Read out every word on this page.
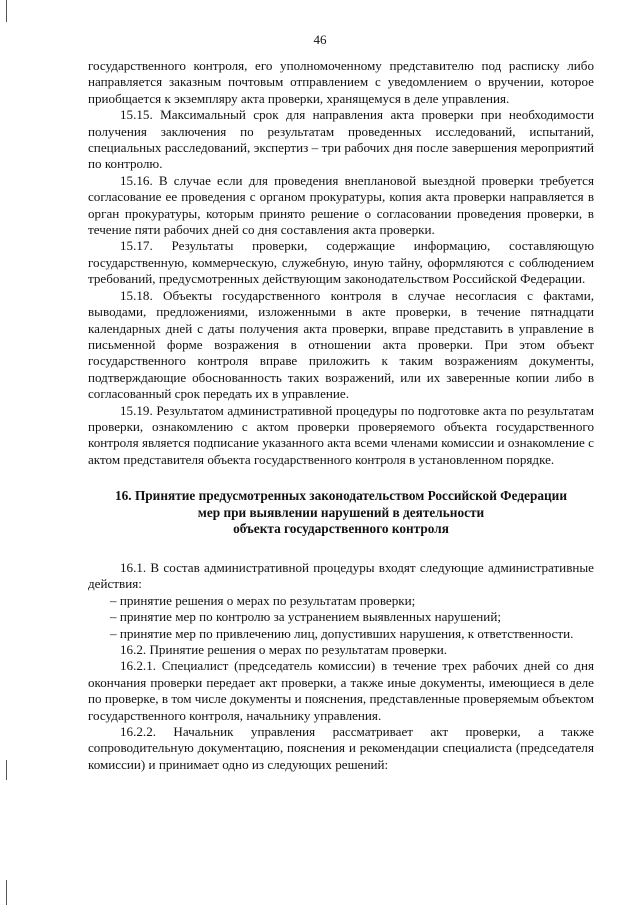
46

государственного контроля, его уполномоченному представителю под расписку либо направляется заказным почтовым отправлением с уведомлением о вручении, которое приобщается к экземпляру акта проверки, хранящемуся в деле управления.

15.15. Максимальный срок для направления акта проверки при необходимости получения заключения по результатам проведенных исследований, испытаний, специальных расследований, экспертиз – три рабочих дня после завершения мероприятий по контролю.

15.16. В случае если для проведения внеплановой выездной проверки требуется согласование ее проведения с органом прокуратуры, копия акта проверки направляется в орган прокуратуры, которым принято решение о согласовании проведения проверки, в течение пяти рабочих дней со дня составления акта проверки.

15.17. Результаты проверки, содержащие информацию, составляющую государственную, коммерческую, служебную, иную тайну, оформляются с соблюдением требований, предусмотренных действующим законодательством Российской Федерации.

15.18. Объекты государственного контроля в случае несогласия с фактами, выводами, предложениями, изложенными в акте проверки, в течение пятнадцати календарных дней с даты получения акта проверки, вправе представить в управление в письменной форме возражения в отношении акта проверки. При этом объект государственного контроля вправе приложить к таким возражениям документы, подтверждающие обоснованность таких возражений, или их заверенные копии либо в согласованный срок передать их в управление.

15.19. Результатом административной процедуры по подготовке акта по результатам проверки, ознакомлению с актом проверки проверяемого объекта государственного контроля является подписание указанного акта всеми членами комиссии и ознакомление с актом представителя объекта государственного контроля в установленном порядке.

16. Принятие предусмотренных законодательством Российской Федерации
мер при выявлении нарушений в деятельности
объекта государственного контроля

16.1. В состав административной процедуры входят следующие административные действия:

– принятие решения о мерах по результатам проверки;

– принятие мер по контролю за устранением выявленных нарушений;

– принятие мер по привлечению лиц, допустивших нарушения, к ответственности.

16.2. Принятие решения о мерах по результатам проверки.

16.2.1. Специалист (председатель комиссии) в течение трех рабочих дней со дня окончания проверки передает акт проверки, а также иные документы, имеющиеся в деле по проверке, в том числе документы и пояснения, представленные проверяемым объектом государственного контроля, начальнику управления.

16.2.2. Начальник управления рассматривает акт проверки, а также сопроводительную документацию, пояснения и рекомендации специалиста (председателя комиссии) и принимает одно из следующих решений:
